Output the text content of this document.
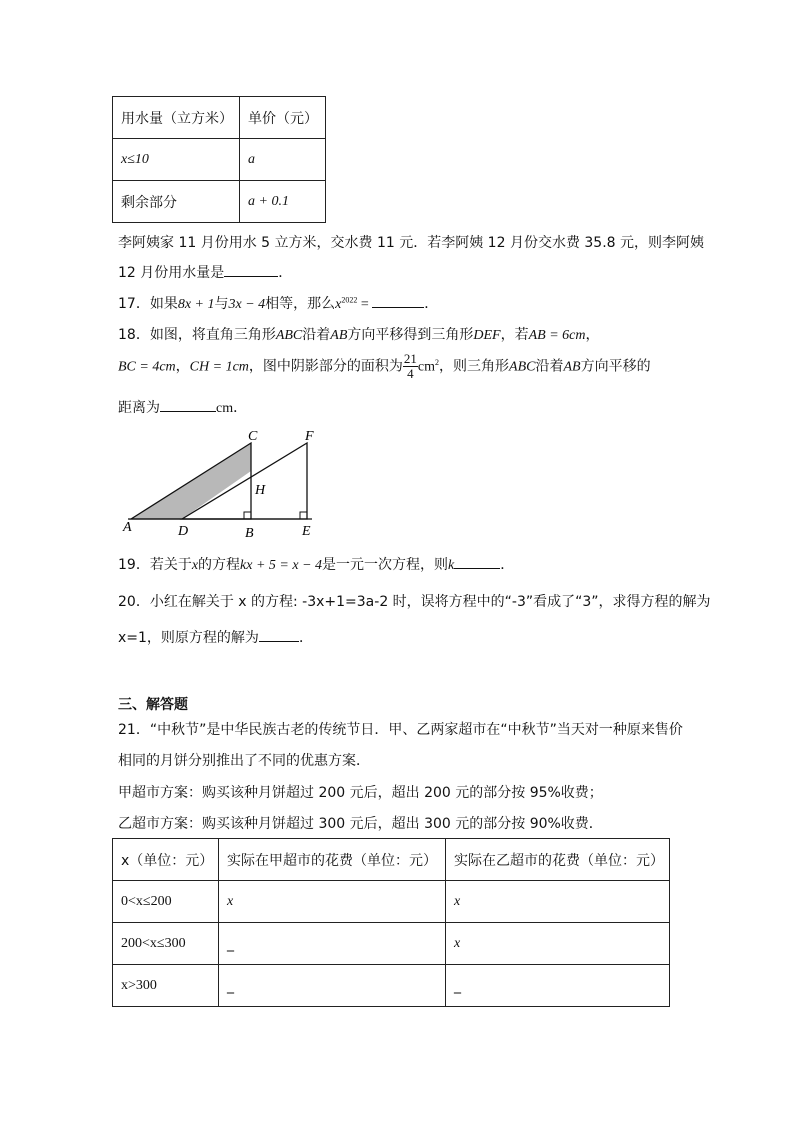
用水量（立方米）	单价（元）
x≤10	a
剩余部分	a + 0.1
李阿姨家 11 月份用水 5 立方米，交水费 11 元．若李阿姨 12 月份交水费 35.8 元，则李阿姨
12 月份用水量是	．
17．如果8x + 1与3x − 4相等，那么$x^{2022}$ =	．
18．如图，将直角三角形ABC沿着AB方向平移得到三角形DEF，若AB = 6cm，
BC = 4cm，CH = 1cm，图中阴影部分的面积为 $\frac{21}{4} cm^2$，则三角形ABC沿着AB方向平移的
距离为	cm．
A	D	B	E
C	F
H
19．若关于x的方程kx + 5 = x − 4是一元一次方程，则k	．
20．小红在解关于 x 的方程: -3x+1=3a-2 时，误将方程中的“-3”看成了“3”，求得方程的解为
x=1，则原方程的解为	．
三、解答题
21．“中秋节”是中华民族古老的传统节日．甲、乙两家超市在“中秋节”当天对一种原来售价
相同的月饼分别推出了不同的优惠方案．
甲超市方案：购买该种月饼超过 200 元后，超出 200 元的部分按 95%收费；
乙超市方案：购买该种月饼超过 300 元后，超出 300 元的部分按 90%收费．
x（单位：元）	实际在甲超市的花费（单位：元）	实际在乙超市的花费（单位：元）
0<x≤200	x	x
200<x≤300	_	x
x>300	_	_
